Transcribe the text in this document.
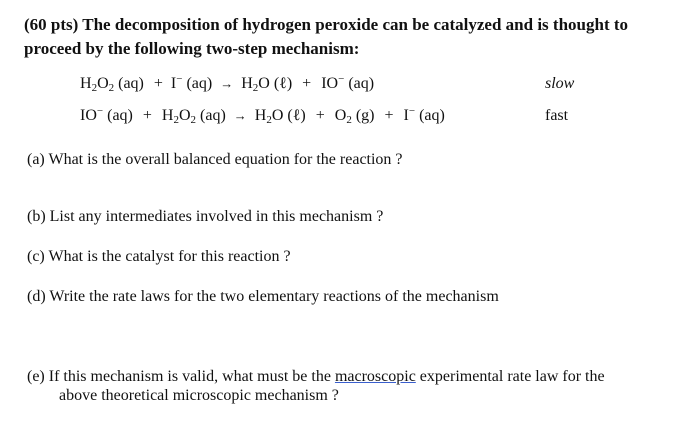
(60 pts) The decomposition of hydrogen peroxide can be catalyzed and is thought to
proceed by the following two-step mechanism:
$H_2O_2$ (aq) + I− $(aq) \to H_2O$ (ℓ) + IO− (aq)	slow
IO− $(aq) + H_2O_2$ $(aq) \to H_2O$ (ℓ) + $O_2$ (g) + I− (aq)	fast
(a) What is the overall balanced equation for the reaction ?
(b) List any intermediates involved in this mechanism ?
(c) What is the catalyst for this reaction ?
(d) Write the rate laws for the two elementary reactions of the mechanism
(e) If this mechanism is valid, what must be the macroscopic experimental rate law for the
above theoretical microscopic mechanism ?
